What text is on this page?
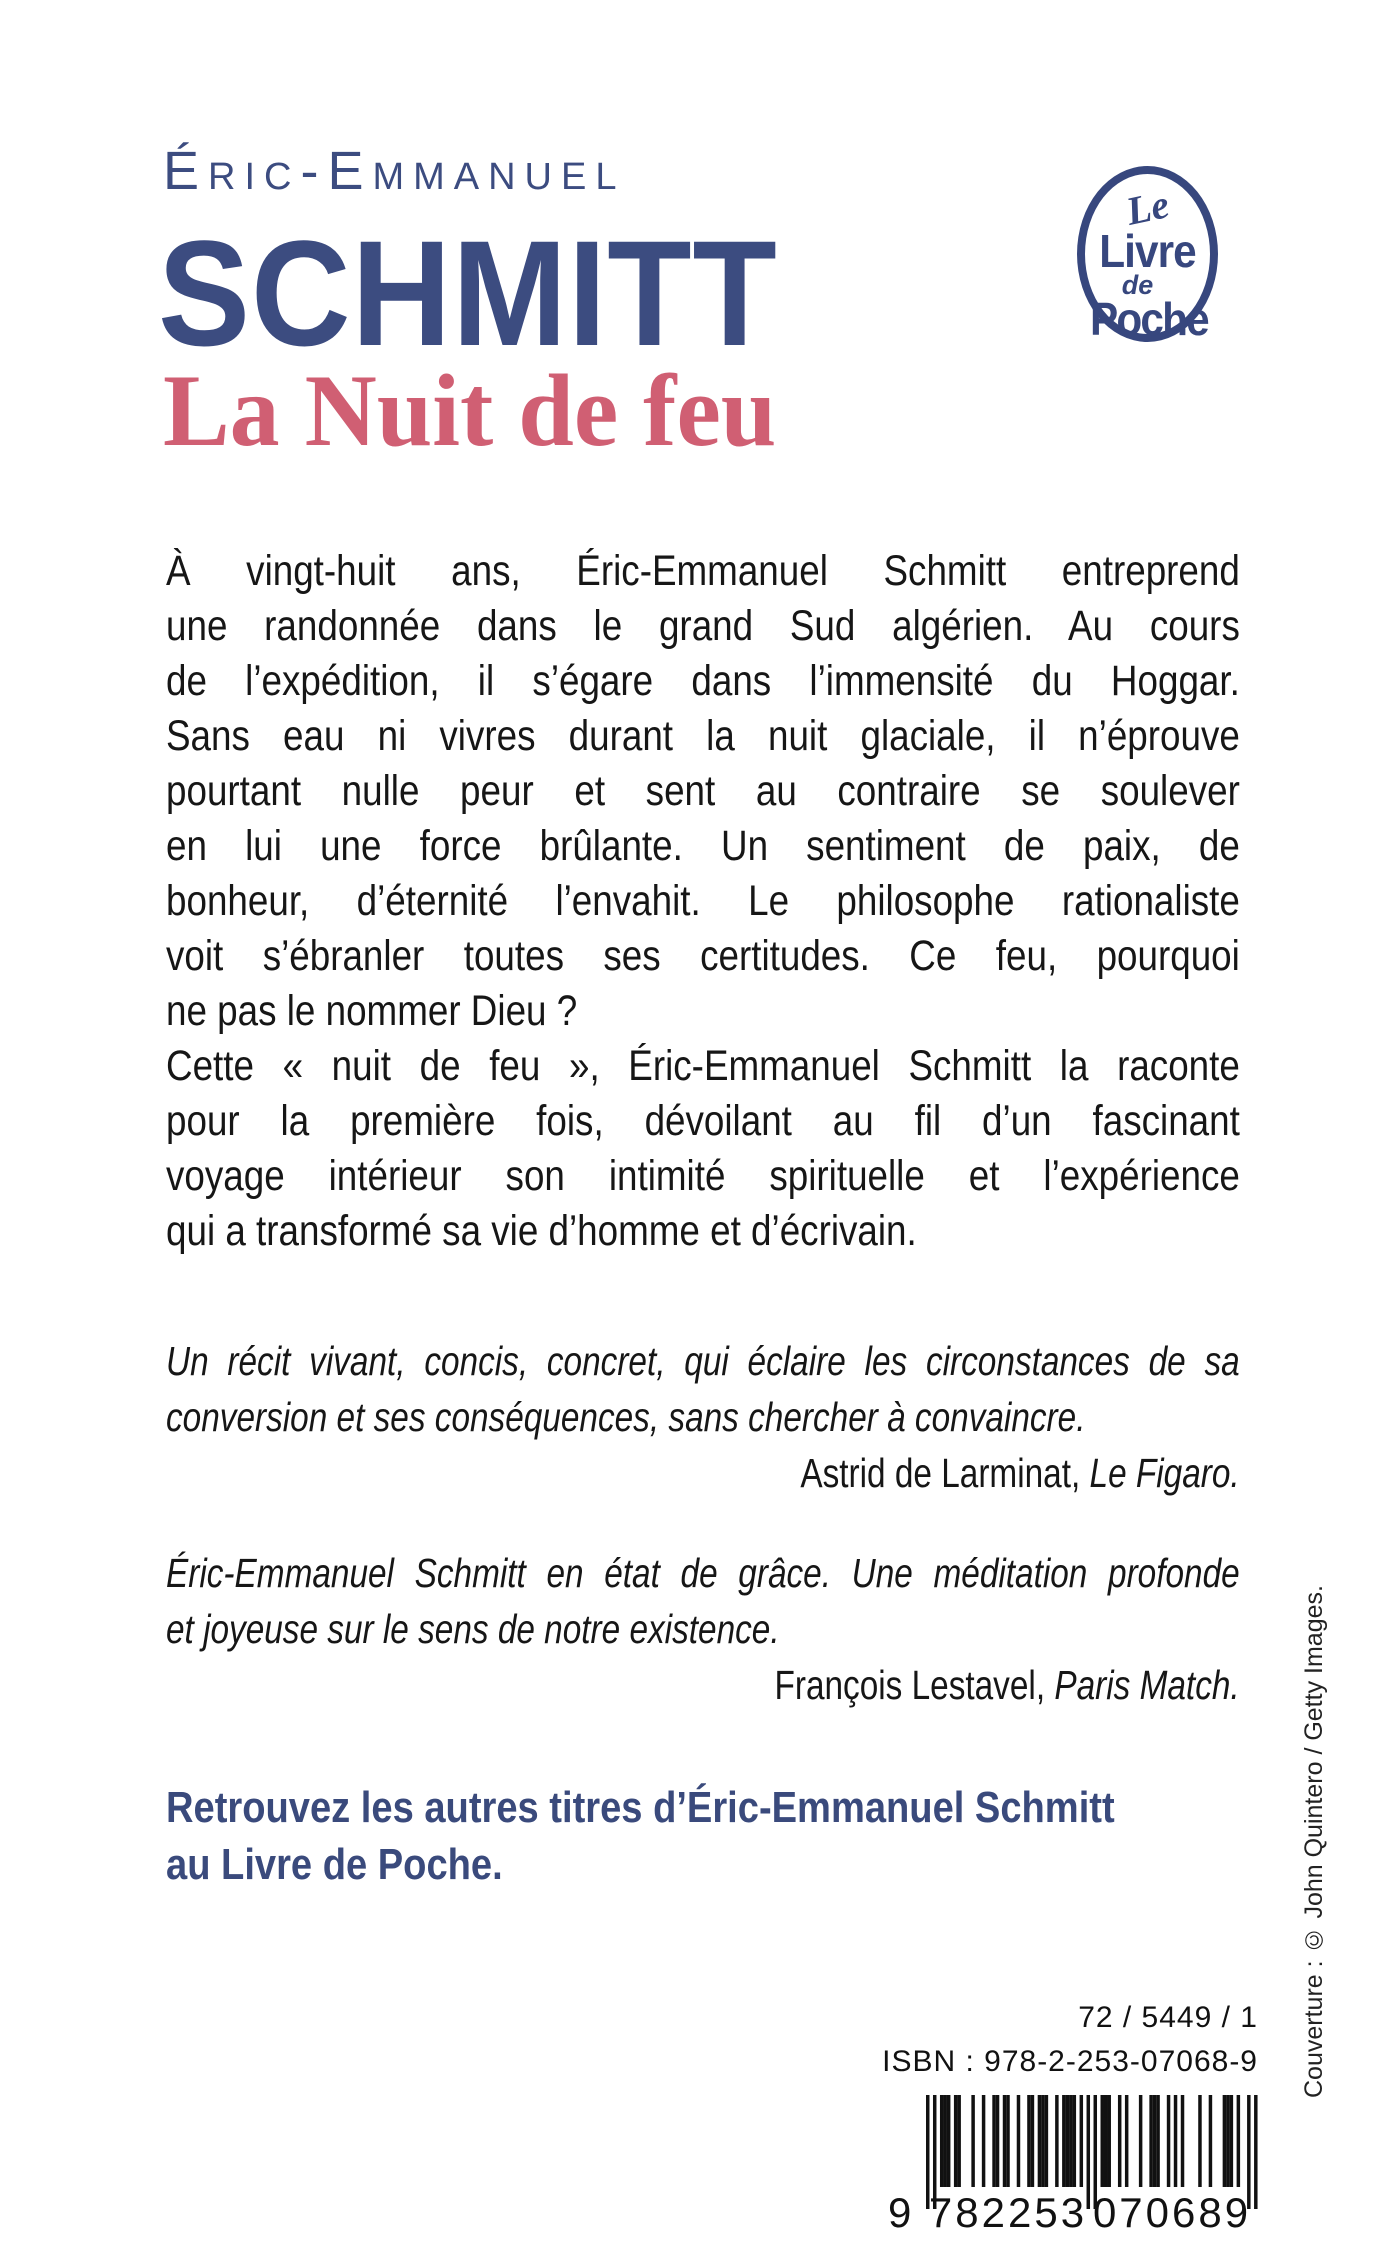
Éric-Emmanuel
SCHMITT
La Nuit de feu
Le
Livre
de
Poche
À vingt-huit ans, Éric-Emmanuel Schmitt entreprend
une randonnée dans le grand Sud algérien. Au cours
de l’expédition, il s’égare dans l’immensité du Hoggar.
Sans eau ni vivres durant la nuit glaciale, il n’éprouve
pourtant nulle peur et sent au contraire se soulever
en lui une force brûlante. Un sentiment de paix, de
bonheur, d’éternité l’envahit. Le philosophe rationaliste
voit s’ébranler toutes ses certitudes. Ce feu, pourquoi
ne pas le nommer Dieu ?
Cette « nuit de feu », Éric-Emmanuel Schmitt la raconte
pour la première fois, dévoilant au fil d’un fascinant
voyage intérieur son intimité spirituelle et l’expérience
qui a transformé sa vie d’homme et d’écrivain.
Un récit vivant, concis, concret, qui éclaire les circonstances de sa
conversion et ses conséquences, sans chercher à convaincre.
Astrid de Larminat, Le Figaro.
Éric-Emmanuel Schmitt en état de grâce. Une méditation profonde
et joyeuse sur le sens de notre existence.
François Lestavel, Paris Match.
Retrouvez les autres titres d’Éric-Emmanuel Schmitt
au Livre de Poche.
72 / 5449 / 1
ISBN : 978-2-253-07068-9
9 782253 070689
Couverture : © John Quintero / Getty Images.
